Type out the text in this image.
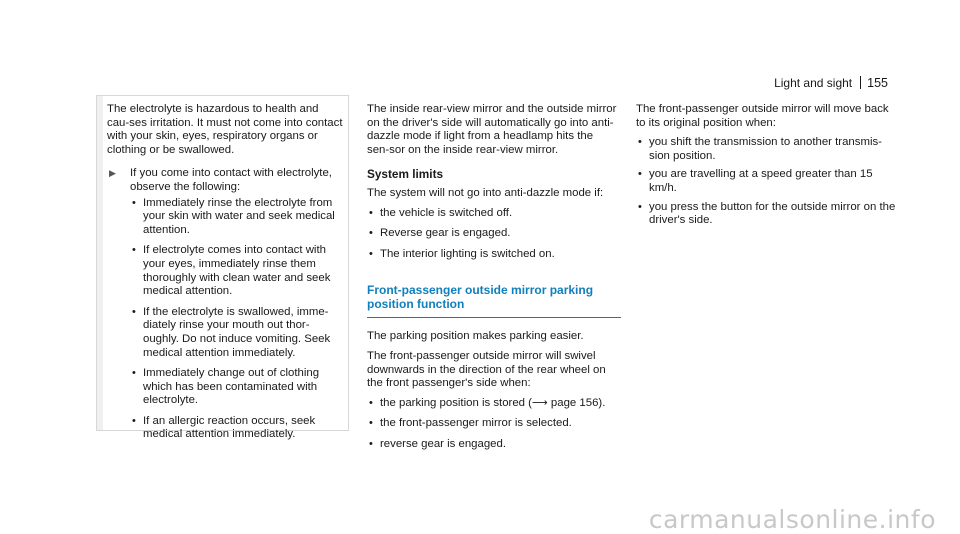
Light and sight 155

The electrolyte is hazardous to health and cau-ses irritation. It must not come into contact with your skin, eyes, respiratory organs or clothing or be swallowed.

▶	If you come into contact with electrolyte, observe the following:
• Immediately rinse the electrolyte from your skin with water and seek medical attention.
• If electrolyte comes into contact with your eyes, immediately rinse them thoroughly with clean water and seek medical attention.
• If the electrolyte is swallowed, imme-diately rinse your mouth out thor-oughly. Do not induce vomiting. Seek medical attention immediately.
• Immediately change out of clothing which has been contaminated with electrolyte.
• If an allergic reaction occurs, seek medical attention immediately.

The inside rear-view mirror and the outside mirror on the driver's side will automatically go into anti-dazzle mode if light from a headlamp hits the sen-sor on the inside rear-view mirror.

System limits

The system will not go into anti-dazzle mode if:

• the vehicle is switched off.
• Reverse gear is engaged.
• The interior lighting is switched on.
Front-passenger outside mirror parking position function

The parking position makes parking easier.

The front-passenger outside mirror will swivel downwards in the direction of the rear wheel on the front passenger's side when:

• the parking position is stored (⟶ page 156).
• the front-passenger mirror is selected.
• reverse gear is engaged.

The front-passenger outside mirror will move back to its original position when:

• you shift the transmission to another transmis-sion position.
• you are travelling at a speed greater than 15 km/h.
• you press the button for the outside mirror on the driver's side.
carmanualsonline.info
